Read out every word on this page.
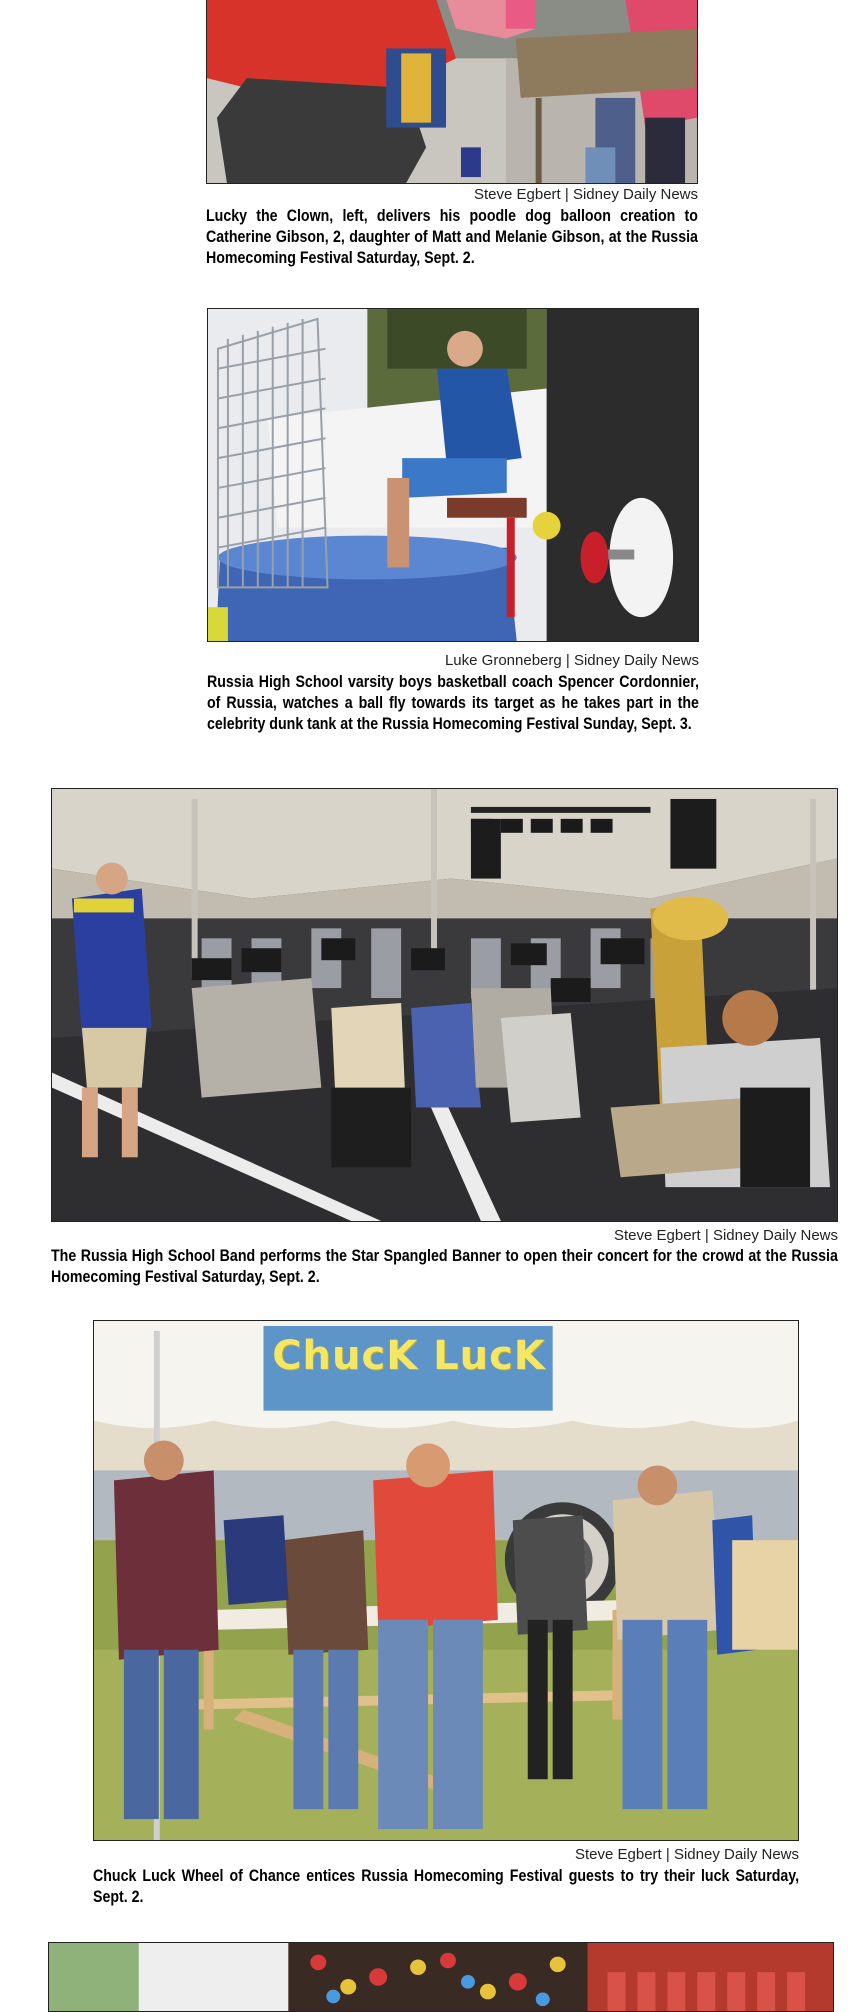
Steve Egbert | Sidney Daily News
Lucky the Clown, left, delivers his poodle dog balloon creation to Catherine Gibson, 2, daughter of Matt and Melanie Gibson, at the Russia Homecoming Festival Saturday, Sept. 2.
Luke Gronneberg | Sidney Daily News
Russia High School varsity boys basketball coach Spencer Cordonnier, of Russia, watches a ball fly towards its target as he takes part in the celebrity dunk tank at the Russia Homecoming Festival Sunday, Sept. 3.
Steve Egbert | Sidney Daily News
The Russia High School Band performs the Star Spangled Banner to open their concert for the crowd at the Russia Homecoming Festival Saturday, Sept. 2.
ChucK LucK
Steve Egbert | Sidney Daily News
Chuck Luck Wheel of Chance entices Russia Homecoming Festival guests to try their luck Saturday, Sept. 2.
